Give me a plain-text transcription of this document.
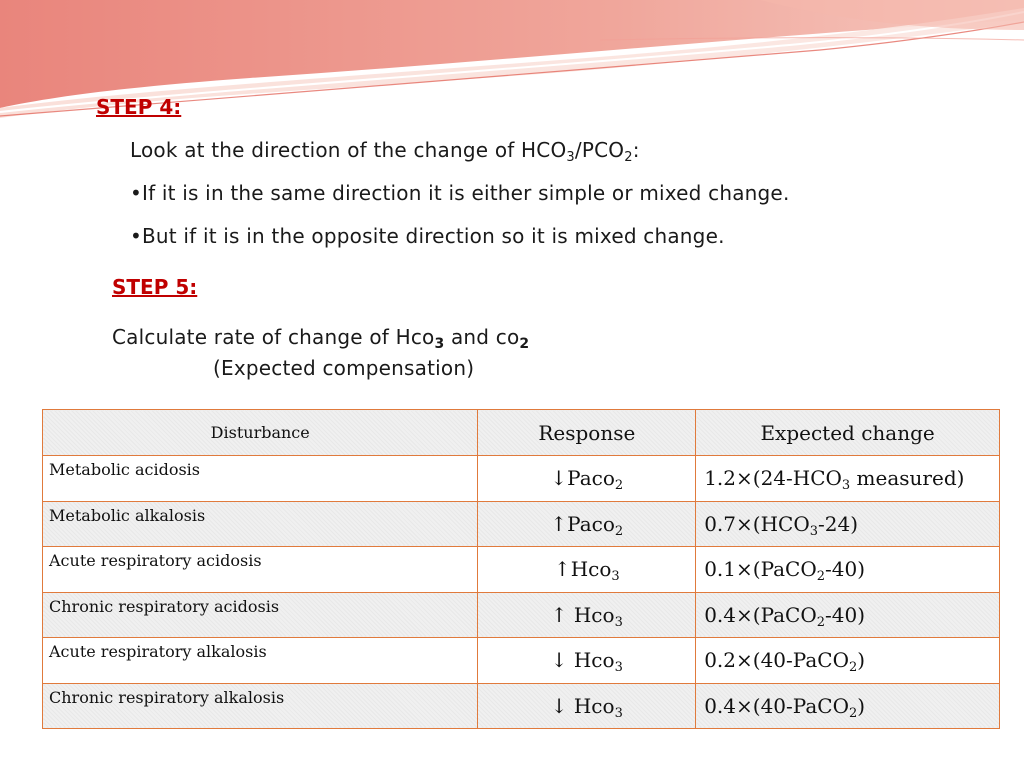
STEP 4:
Look at the direction of the change of $HCO_3/PCO_2$:
•If it is in the same direction it is either simple or mixed change.
•But if it is in the opposite direction so it is mixed change.
STEP 5:
Calculate rate of change of Hco$_3$ and $co_2$
(Expected compensation)
Disturbance	Response	Expected change
Metabolic acidosis	↓Paco$_2$	$1.2\times(24-HCO_3$ measured)
Metabolic alkalosis	↑Paco$_2$	$0.7\times(HCO_3-24)$
Acute respiratory acidosis	↑Hco$_3$	0.1×(PaCO$_2$-40)
Chronic respiratory acidosis	↑ Hco$_3$	0.4×(PaCO$_2$-40)
Acute respiratory alkalosis	↓ Hco$_3$	0.2×(40-PaCO$_2$)
Chronic respiratory alkalosis	↓ Hco$_3$	0.4×(40-PaCO$_2$)
